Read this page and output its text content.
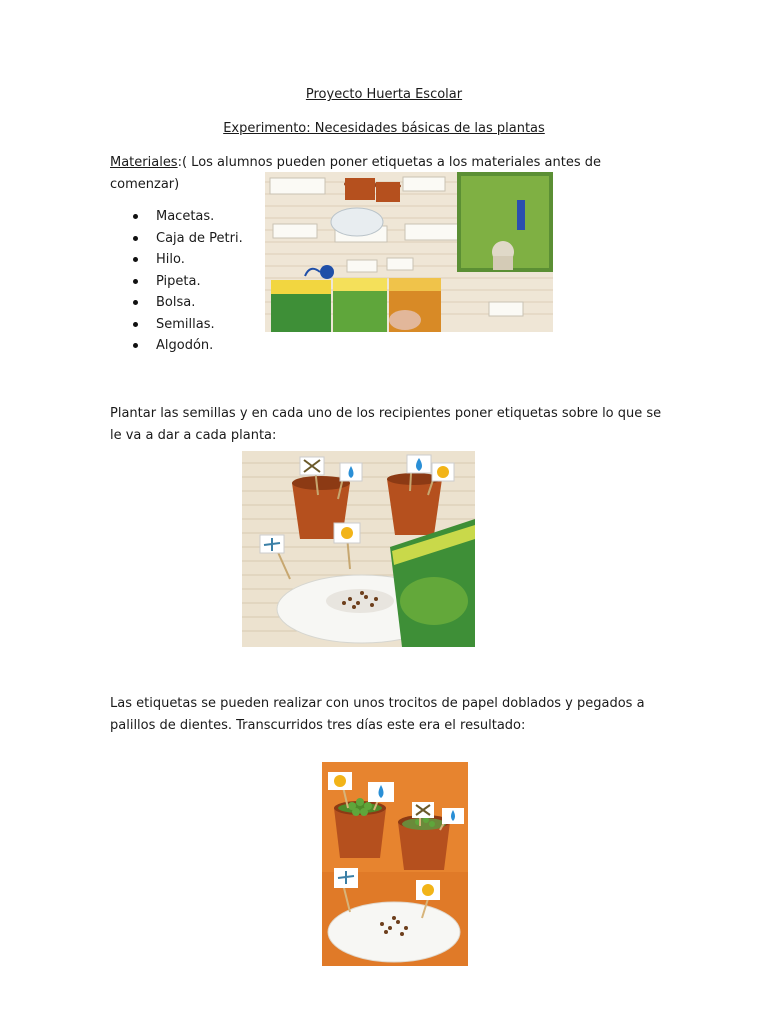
Proyecto Huerta Escolar
Experimento: Necesidades básicas de las plantas
Materiales:( Los alumnos pueden poner etiquetas a los materiales antes de comenzar)
Macetas.
Caja de Petri.
Hilo.
Pipeta.
Bolsa.
Semillas.
Algodón.
Plantar las semillas y en cada uno de los recipientes poner etiquetas sobre lo que se le va a dar a cada planta:
Las etiquetas se pueden realizar con unos trocitos de papel doblados y pegados a palillos de dientes. Transcurridos tres días este era el resultado:
